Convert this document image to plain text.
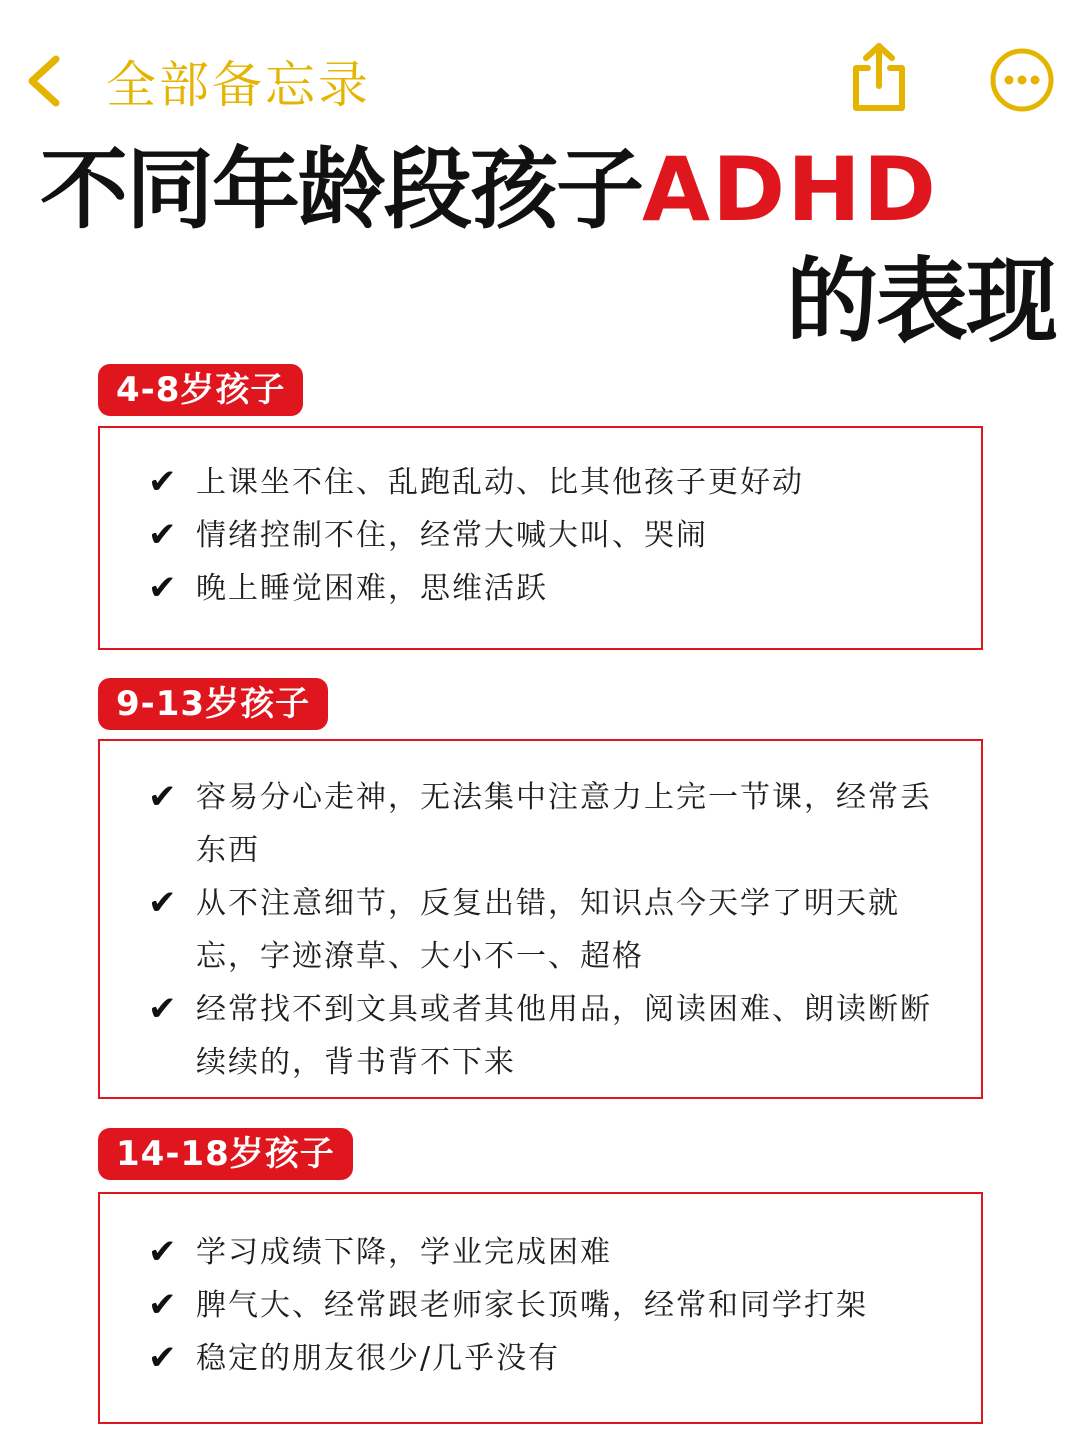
全部备忘录
不同年龄段孩子ADHD
的表现
4-8岁孩子
✔ 上课坐不住、乱跑乱动、比其他孩子更好动
✔ 情绪控制不住，经常大喊大叫、哭闹
✔ 晚上睡觉困难，思维活跃
9-13岁孩子
✔ 容易分心走神，无法集中注意力上完一节课，经常丢东西
✔ 从不注意细节，反复出错，知识点今天学了明天就忘，字迹潦草、大小不一、超格
✔ 经常找不到文具或者其他用品，阅读困难、朗读断断续续的，背书背不下来
14-18岁孩子
✔ 学习成绩下降，学业完成困难
✔ 脾气大、经常跟老师家长顶嘴，经常和同学打架
✔ 稳定的朋友很少/几乎没有
